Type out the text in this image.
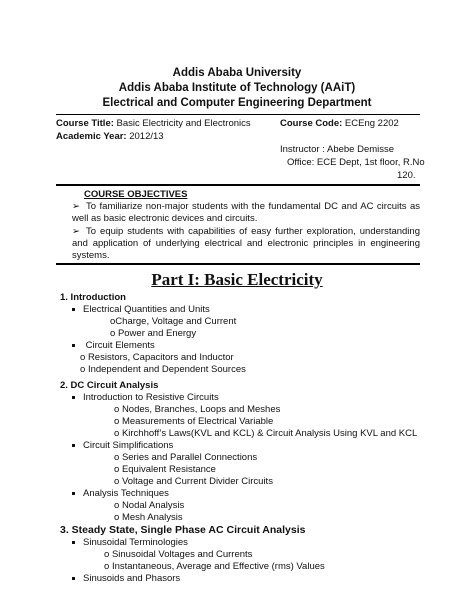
Addis Ababa University
Addis Ababa Institute of Technology (AAiT)
Electrical and Computer Engineering Department
Course Title: Basic Electricity and Electronics	Course Code: ECEng 2202
Academic Year: 2012/13
Instructor : Abebe Demisse
Office: ECE Dept, 1st floor, R.No
120.
COURSE OBJECTIVES
➢ To familiarize non-major students with the fundamental DC and AC circuits as well as basic electronic devices and circuits.
➢ To equip students with capabilities of easy further exploration, understanding and application of underlying electrical and electronic principles in engineering systems.
Part I: Basic Electricity
1. Introduction
Electrical Quantities and Units
oCharge, Voltage and Current
o Power and Energy
Circuit Elements
o Resistors, Capacitors and Inductor
o Independent and Dependent Sources
2. DC Circuit Analysis
Introduction to Resistive Circuits
o Nodes, Branches, Loops and Meshes
o Measurements of Electrical Variable
o Kirchhoff’s Laws(KVL and KCL) & Circuit Analysis Using KVL and KCL
Circuit Simplifications
o Series and Parallel Connections
o Equivalent Resistance
o Voltage and Current Divider Circuits
Analysis Techniques
o Nodal Analysis
o Mesh Analysis
3. Steady State, Single Phase AC Circuit Analysis
Sinusoidal Terminologies
o Sinusoidal Voltages and Currents
o Instantaneous, Average and Effective (rms) Values
Sinusoids and Phasors
